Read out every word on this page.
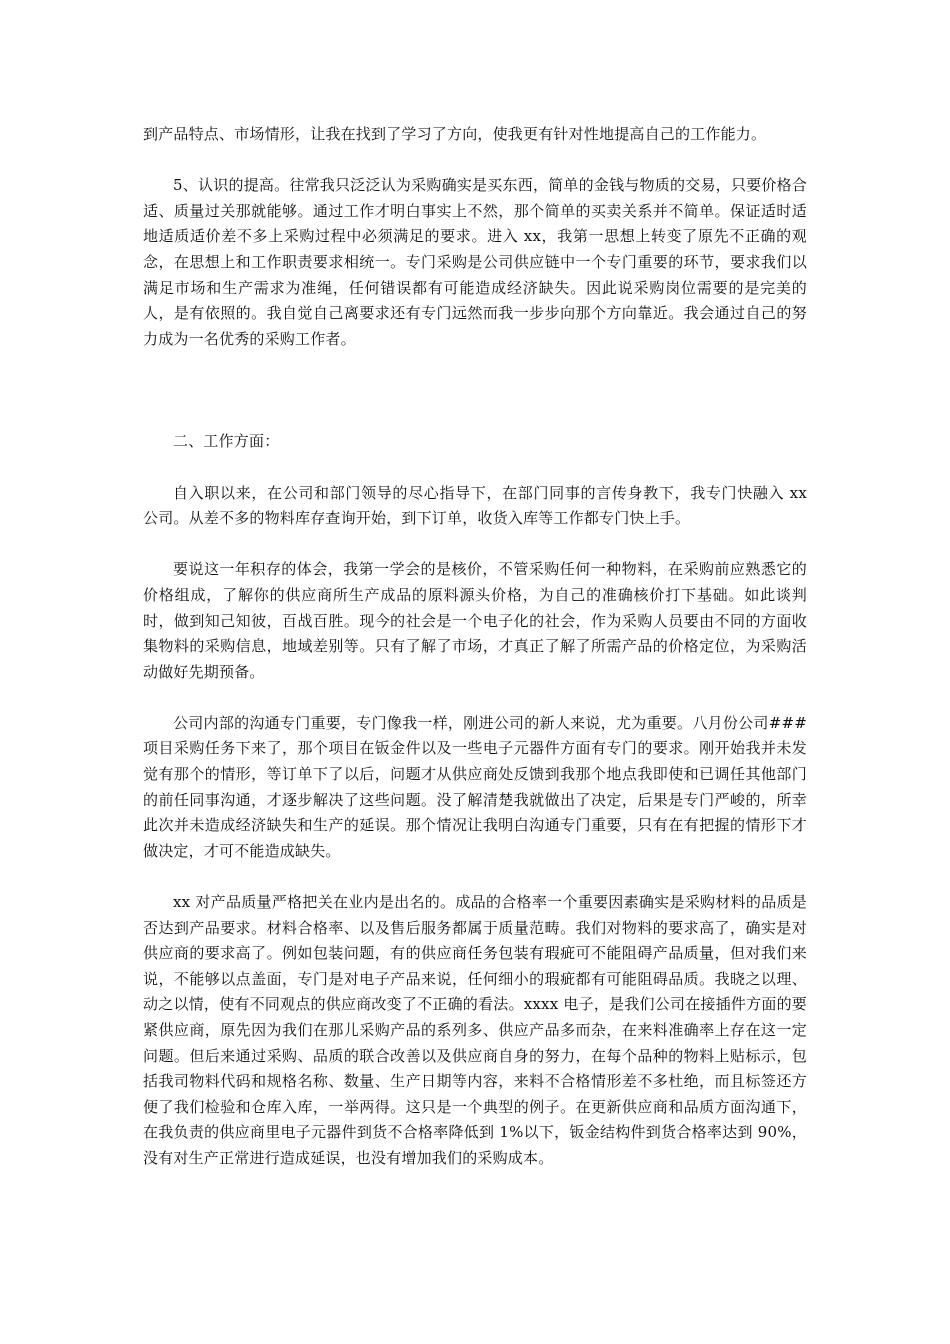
到产品特点、市场情形，让我在找到了学习了方向，使我更有针对性地提高自己的工作能力。

5、认识的提高。往常我只泛泛认为采购确实是买东西，简单的金钱与物质的交易，只要价格合适、质量过关那就能够。通过工作才明白事实上不然，那个简单的买卖关系并不简单。保证适时适地适质适价差不多上采购过程中必须满足的要求。进入 xx，我第一思想上转变了原先不正确的观念，在思想上和工作职责要求相统一。专门采购是公司供应链中一个专门重要的环节，要求我们以满足市场和生产需求为准绳，任何错误都有可能造成经济缺失。因此说采购岗位需要的是完美的人，是有依照的。我自觉自己离要求还有专门远然而我一步步向那个方向靠近。我会通过自己的努力成为一名优秀的采购工作者。

二、工作方面：

自入职以来，在公司和部门领导的尽心指导下，在部门同事的言传身教下，我专门快融入 xx 公司。从差不多的物料库存查询开始，到下订单，收货入库等工作都专门快上手。

要说这一年积存的体会，我第一学会的是核价，不管采购任何一种物料，在采购前应熟悉它的价格组成，了解你的供应商所生产成品的原料源头价格，为自己的准确核价打下基础。如此谈判时，做到知己知彼，百战百胜。现今的社会是一个电子化的社会，作为采购人员要由不同的方面收集物料的采购信息，地域差别等。只有了解了市场，才真正了解了所需产品的价格定位，为采购活动做好先期预备。

公司内部的沟通专门重要，专门像我一样，刚进公司的新人来说，尤为重要。八月份公司###项目采购任务下来了，那个项目在钣金件以及一些电子元器件方面有专门的要求。刚开始我并未发觉有那个的情形，等订单下了以后，问题才从供应商处反馈到我那个地点我即使和已调任其他部门的前任同事沟通，才逐步解决了这些问题。没了解清楚我就做出了决定，后果是专门严峻的，所幸此次并未造成经济缺失和生产的延误。那个情况让我明白沟通专门重要，只有在有把握的情形下才做决定，才可不能造成缺失。

xx 对产品质量严格把关在业内是出名的。成品的合格率一个重要因素确实是采购材料的品质是否达到产品要求。材料合格率、以及售后服务都属于质量范畴。我们对物料的要求高了，确实是对供应商的要求高了。例如包装问题，有的供应商任务包装有瑕疵可不能阻碍产品质量，但对我们来说，不能够以点盖面，专门是对电子产品来说，任何细小的瑕疵都有可能阻碍品质。我晓之以理、动之以情，使有不同观点的供应商改变了不正确的看法。xxxx 电子，是我们公司在接插件方面的要紧供应商，原先因为我们在那儿采购产品的系列多、供应产品多而杂，在来料准确率上存在这一定问题。但后来通过采购、品质的联合改善以及供应商自身的努力，在每个品种的物料上贴标示，包括我司物料代码和规格名称、数量、生产日期等内容，来料不合格情形差不多杜绝，而且标签还方便了我们检验和仓库入库，一举两得。这只是一个典型的例子。在更新供应商和品质方面沟通下，在我负责的供应商里电子元器件到货不合格率降低到 1%以下，钣金结构件到货合格率达到 90%，没有对生产正常进行造成延误，也没有增加我们的采购成本。
